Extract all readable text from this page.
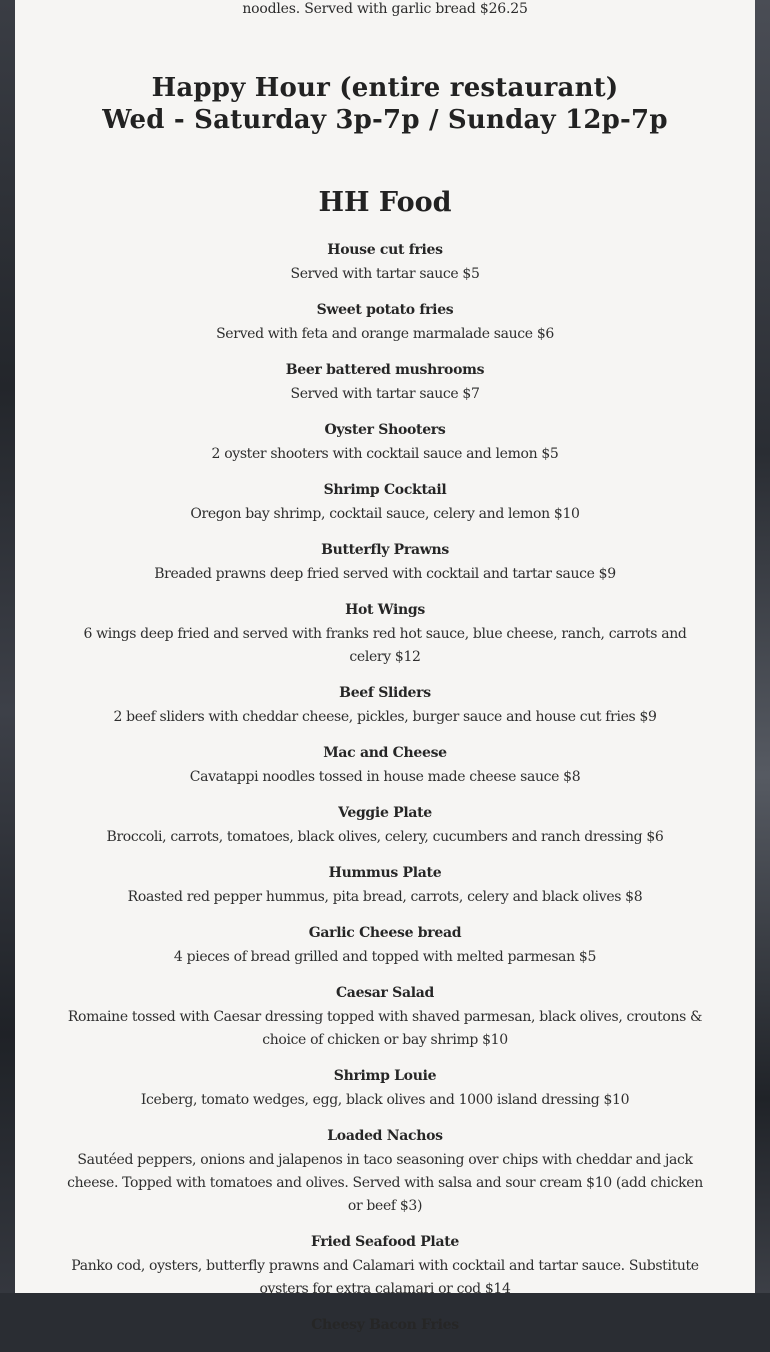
noodles. Served with garlic bread $26.25
Happy Hour (entire restaurant)
Wed - Saturday 3p-7p / Sunday 12p-7p
HH Food
House cut fries
Served with tartar sauce $5
Sweet potato fries
Served with feta and orange marmalade sauce $6
Beer battered mushrooms
Served with tartar sauce $7
Oyster Shooters
2 oyster shooters with cocktail sauce and lemon $5
Shrimp Cocktail
Oregon bay shrimp, cocktail sauce, celery and lemon $10
Butterfly Prawns
Breaded prawns deep fried served with cocktail and tartar sauce $9
Hot Wings
6 wings deep fried and served with franks red hot sauce, blue cheese, ranch, carrots and celery $12
Beef Sliders
2 beef sliders with cheddar cheese, pickles, burger sauce and house cut fries $9
Mac and Cheese
Cavatappi noodles tossed in house made cheese sauce $8
Veggie Plate
Broccoli, carrots, tomatoes, black olives, celery, cucumbers and ranch dressing $6
Hummus Plate
Roasted red pepper hummus, pita bread, carrots, celery and black olives $8
Garlic Cheese bread
4 pieces of bread grilled and topped with melted parmesan $5
Caesar Salad
Romaine tossed with Caesar dressing topped with shaved parmesan, black olives, croutons & choice of chicken or bay shrimp $10
Shrimp Louie
Iceberg, tomato wedges, egg, black olives and 1000 island dressing $10
Loaded Nachos
Sautéed peppers, onions and jalapenos in taco seasoning over chips with cheddar and jack cheese. Topped with tomatoes and olives. Served with salsa and sour cream $10 (add chicken or beef $3)
Fried Seafood Plate
Panko cod, oysters, butterfly prawns and Calamari with cocktail and tartar sauce. Substitute oysters for extra calamari or cod $14
Cheesy Bacon Fries
